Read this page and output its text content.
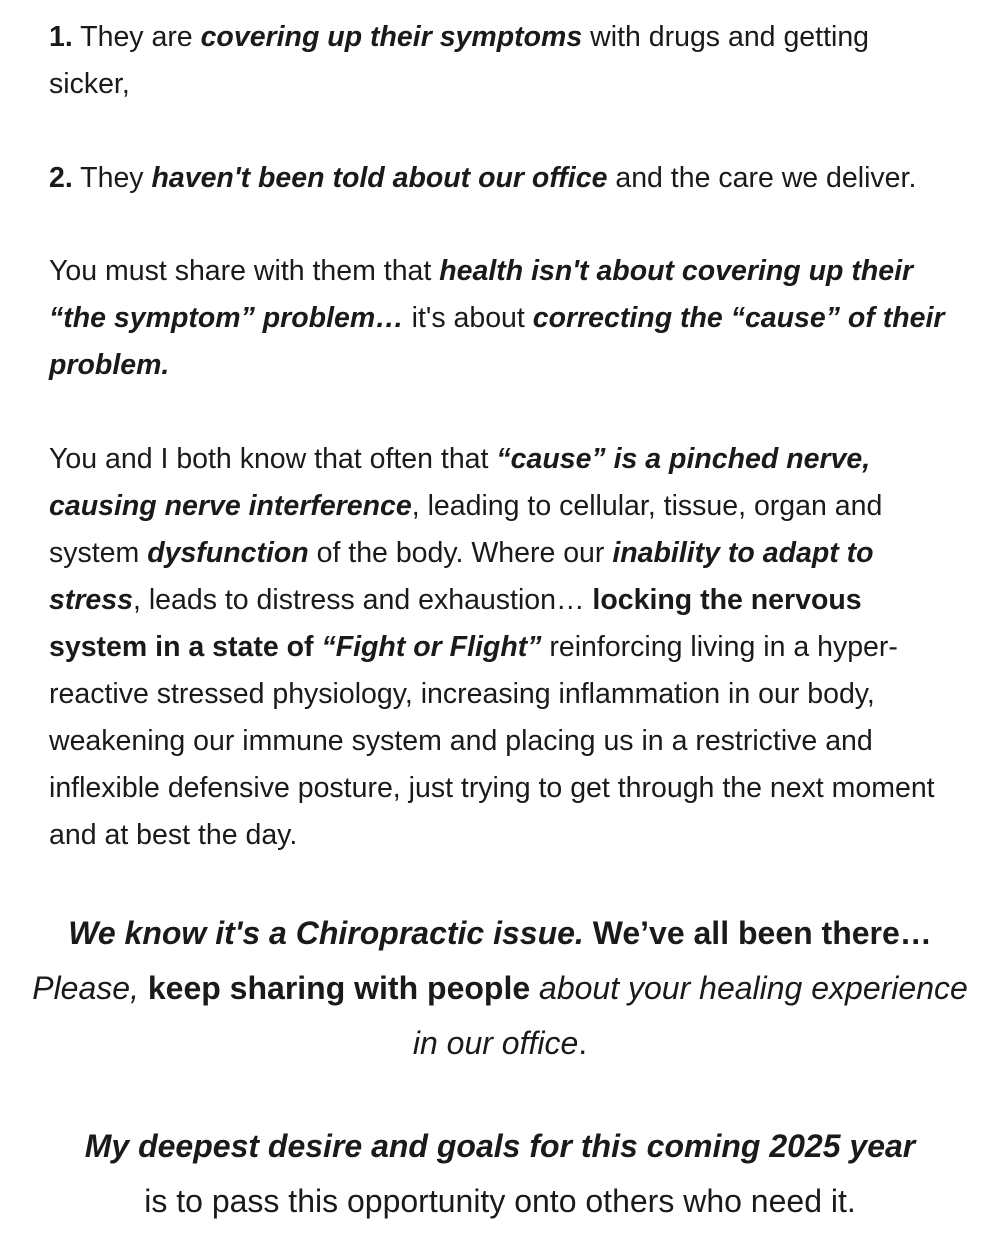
1. They are covering up their symptoms with drugs and getting sicker,

2. They haven't been told about our office and the care we deliver.

You must share with them that health isn't about covering up their “the symptom” problem… it's about correcting the “cause” of their problem.

You and I both know that often that “cause” is a pinched nerve, causing nerve interference, leading to cellular, tissue, organ and system dysfunction of the body. Where our inability to adapt to stress, leads to distress and exhaustion… locking the nervous system in a state of “Fight or Flight” reinforcing living in a hyper-reactive stressed physiology, increasing inflammation in our body, weakening our immune system and placing us in a restrictive and inflexible defensive posture, just trying to get through the next moment and at best the day.

We know it's a Chiropractic issue. We’ve all been there…
Please, keep sharing with people about your healing experience in our office.

My deepest desire and goals for this coming 2025 year
is to pass this opportunity onto others who need it.
